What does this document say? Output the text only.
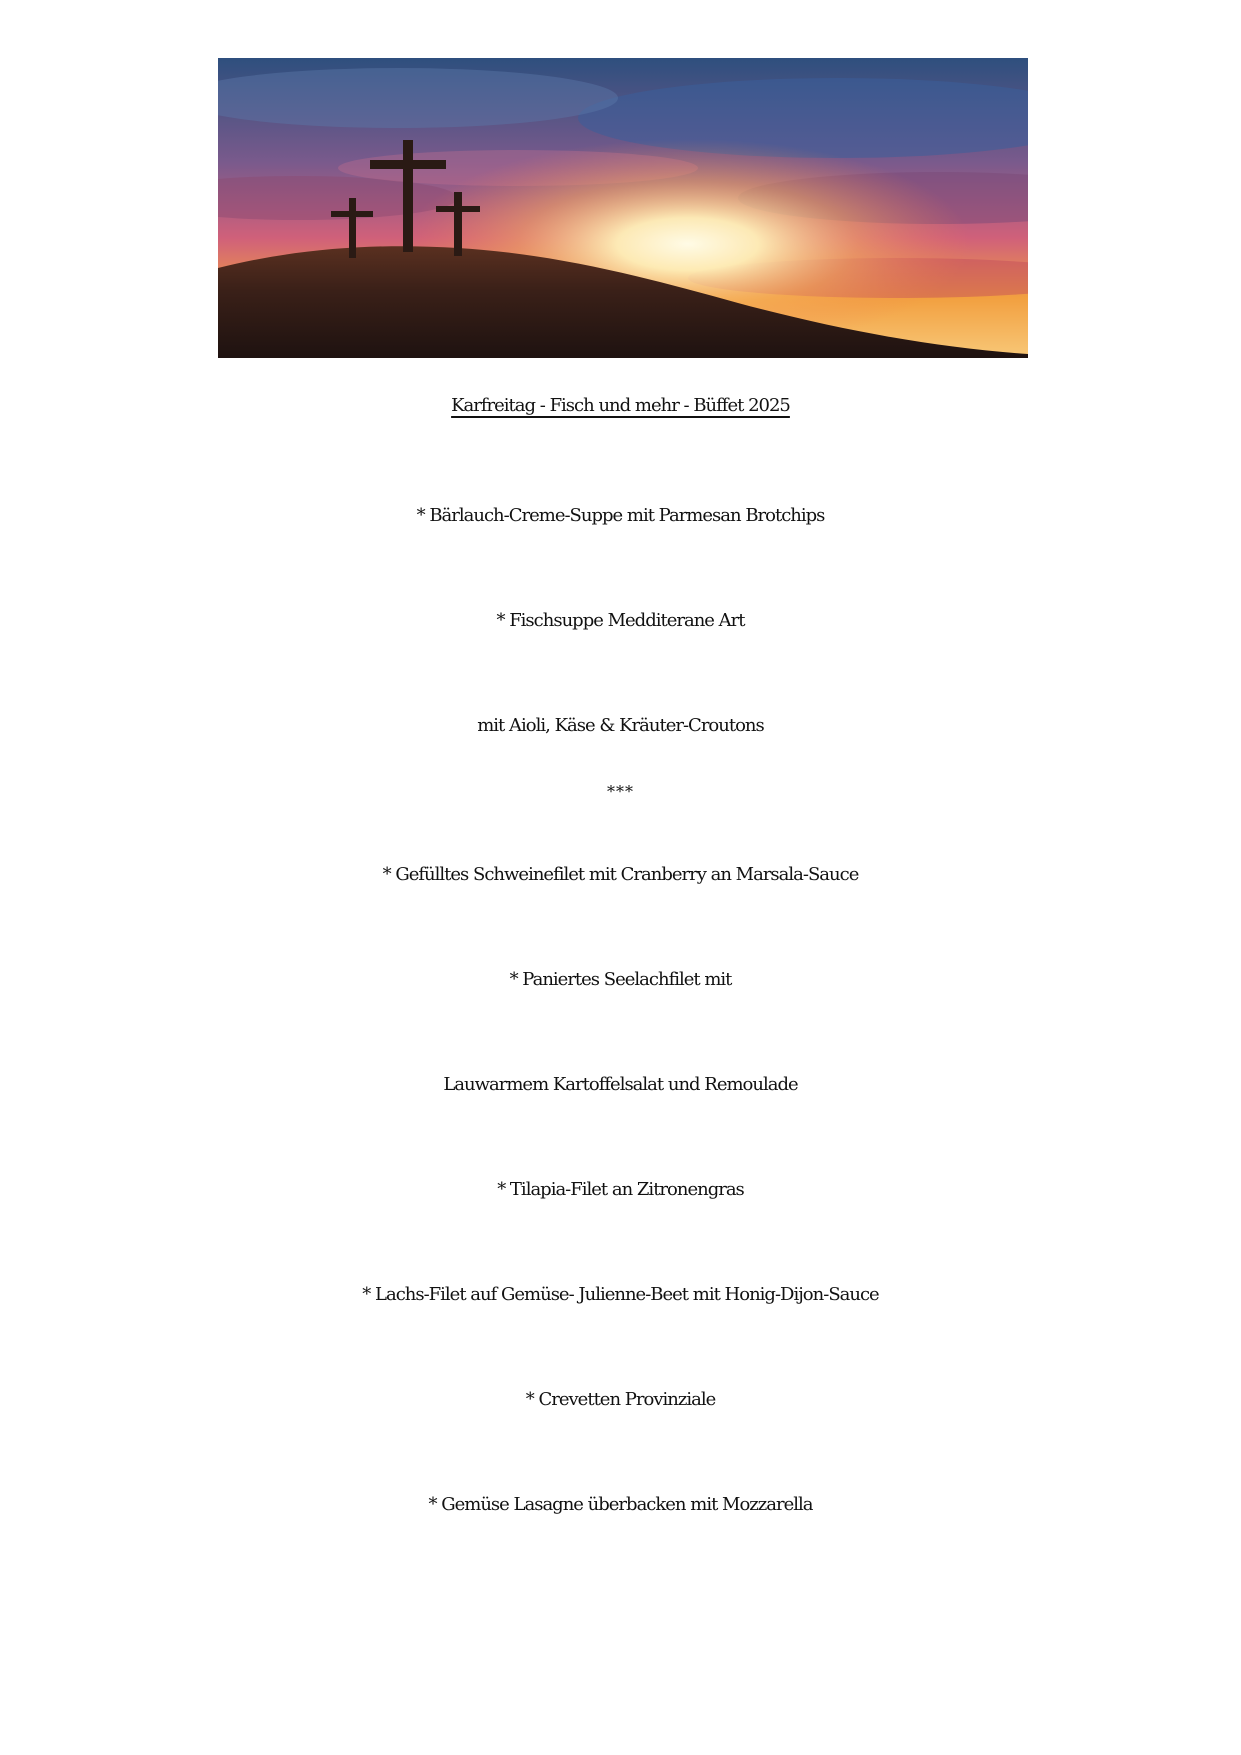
Karfreitag - Fisch und mehr - Büffet 2025
* Bärlauch-Creme-Suppe mit Parmesan Brotchips
* Fischsuppe Medditerane Art
mit Aioli, Käse & Kräuter-Croutons
***
* Gefülltes Schweinefilet mit Cranberry an Marsala-Sauce
* Paniertes Seelachfilet mit
Lauwarmem Kartoffelsalat und Remoulade
* Tilapia-Filet an Zitronengras
* Lachs-Filet auf Gemüse- Julienne-Beet mit Honig-Dijon-Sauce
* Crevetten Provinziale
* Gemüse Lasagne überbacken mit Mozzarella
